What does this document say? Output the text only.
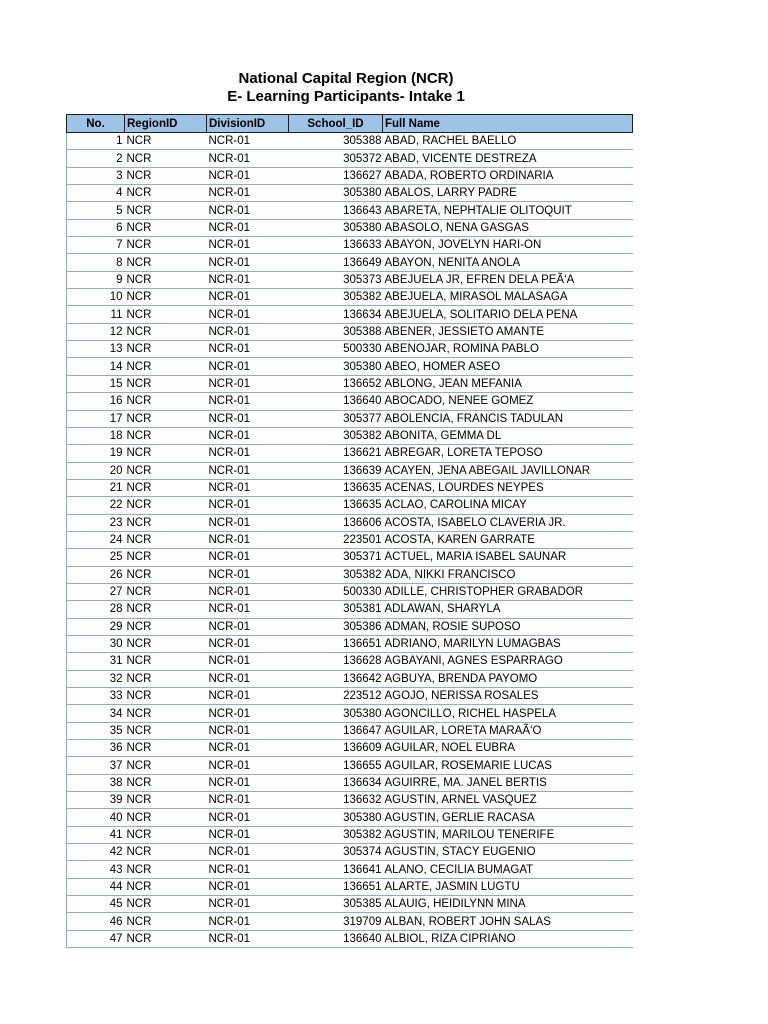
National Capital Region (NCR)
E- Learning Participants- Intake 1
No.	RegionID	DivisionID	School_ID	Full Name
1	NCR	NCR-01	305388	ABAD, RACHEL BAELLO
2	NCR	NCR-01	305372	ABAD, VICENTE DESTREZA
3	NCR	NCR-01	136627	ABADA, ROBERTO ORDINARIA
4	NCR	NCR-01	305380	ABALOS, LARRY PADRE
5	NCR	NCR-01	136643	ABARETA, NEPHTALIE OLITOQUIT
6	NCR	NCR-01	305380	ABASOLO, NENA GASGAS
7	NCR	NCR-01	136633	ABAYON, JOVELYN HARI-ON
8	NCR	NCR-01	136649	ABAYON, NENITA ANOLA
9	NCR	NCR-01	305373	ABEJUELA JR, EFREN DELA PEÃ‘A
10	NCR	NCR-01	305382	ABEJUELA, MIRASOL MALASAGA
11	NCR	NCR-01	136634	ABEJUELA, SOLITARIO DELA PENA
12	NCR	NCR-01	305388	ABENER, JESSIETO AMANTE
13	NCR	NCR-01	500330	ABENOJAR, ROMINA PABLO
14	NCR	NCR-01	305380	ABEO, HOMER ASEO
15	NCR	NCR-01	136652	ABLONG, JEAN MEFANIA
16	NCR	NCR-01	136640	ABOCADO, NENEE GOMEZ
17	NCR	NCR-01	305377	ABOLENCIA, FRANCIS TADULAN
18	NCR	NCR-01	305382	ABONITA, GEMMA DL
19	NCR	NCR-01	136621	ABREGAR, LORETA TEPOSO
20	NCR	NCR-01	136639	ACAYEN, JENA ABEGAIL JAVILLONAR
21	NCR	NCR-01	136635	ACENAS, LOURDES NEYPES
22	NCR	NCR-01	136635	ACLAO, CAROLINA MICAY
23	NCR	NCR-01	136606	ACOSTA, ISABELO CLAVERIA JR.
24	NCR	NCR-01	223501	ACOSTA, KAREN GARRATE
25	NCR	NCR-01	305371	ACTUEL, MARIA ISABEL SAUNAR
26	NCR	NCR-01	305382	ADA, NIKKI FRANCISCO
27	NCR	NCR-01	500330	ADILLE, CHRISTOPHER GRABADOR
28	NCR	NCR-01	305381	ADLAWAN, SHARYLA
29	NCR	NCR-01	305386	ADMAN, ROSIE SUPOSO
30	NCR	NCR-01	136651	ADRIANO, MARILYN LUMAGBAS
31	NCR	NCR-01	136628	AGBAYANI, AGNES ESPARRAGO
32	NCR	NCR-01	136642	AGBUYA, BRENDA PAYOMO
33	NCR	NCR-01	223512	AGOJO, NERISSA ROSALES
34	NCR	NCR-01	305380	AGONCILLO, RICHEL HASPELA
35	NCR	NCR-01	136647	AGUILAR, LORETA MARAÃ‘O
36	NCR	NCR-01	136609	AGUILAR, NOEL EUBRA
37	NCR	NCR-01	136655	AGUILAR, ROSEMARIE LUCAS
38	NCR	NCR-01	136634	AGUIRRE, MA. JANEL BERTIS
39	NCR	NCR-01	136632	AGUSTIN, ARNEL VASQUEZ
40	NCR	NCR-01	305380	AGUSTIN, GERLIE RACASA
41	NCR	NCR-01	305382	AGUSTIN, MARILOU TENERIFE
42	NCR	NCR-01	305374	AGUSTIN, STACY EUGENIO
43	NCR	NCR-01	136641	ALANO, CECILIA BUMAGAT
44	NCR	NCR-01	136651	ALARTE, JASMIN LUGTU
45	NCR	NCR-01	305385	ALAUIG, HEIDILYNN MINA
46	NCR	NCR-01	319709	ALBAN, ROBERT JOHN SALAS
47	NCR	NCR-01	136640	ALBIOL, RIZA CIPRIANO
